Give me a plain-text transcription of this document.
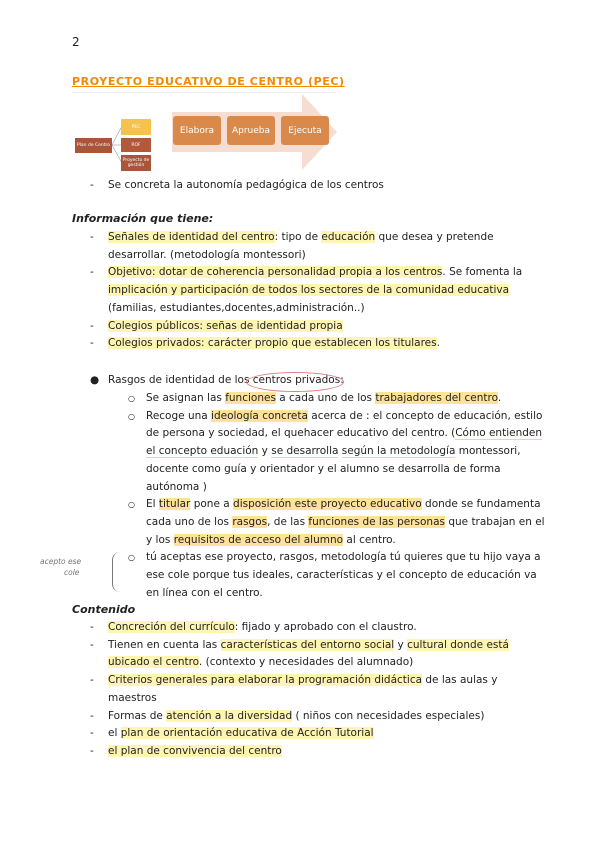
2
PROYECTO EDUCATIVO DE CENTRO (PEC)
Elabora	Aprueba	Ejecuta
Plan de Centro
PEC
ROF
Proyecto de gestión
-	Se concreta la autonomía pedagógica de los centros
Información que tiene:
-	Señales de identidad del centro: tipo de educación que desea y pretende
desarrollar. (metodología montessori)
-	Objetivo: dotar de coherencia personalidad propia a los centros. Se fomenta la
implicación y participación de todos los sectores de la comunidad educativa
(familias, estudiantes,docentes,administración..)
-	Colegios públicos: señas de identidad propia
-	Colegios privados: carácter propio que establecen los titulares.
● Rasgos de identidad de los centros privados:
○	Se asignan las funciones a cada uno de los trabajadores del centro.
○	Recoge una ideología concreta acerca de : el concepto de educación, estilo
de persona y sociedad, el quehacer educativo del centro. (Cómo entienden
el concepto eduación y se desarrolla según la metodología montessori,
docente como guía y orientador y el alumno se desarrolla de forma
autónoma )
○	El titular pone a disposición este proyecto educativo donde se fundamenta
cada uno de los rasgos, de las funciones de las personas que trabajan en el
y los requisitos de acceso del alumno al centro.
○	tú aceptas ese proyecto, rasgos, metodología tú quieres que tu hijo vaya a
ese cole porque tus ideales, características y el concepto de educación va
en línea con el centro.
acepto ese
cole
Contenido
-	Concreción del currículo: fijado y aprobado con el claustro.
-	Tienen en cuenta las características del entorno social y cultural donde está
ubicado el centro. (contexto y necesidades del alumnado)
-	Criterios generales para elaborar la programación didáctica de las aulas y
maestros
-	Formas de atención a la diversidad ( niños con necesidades especiales)
-	el plan de orientación educativa de Acción Tutorial
-	el plan de convivencia del centro
